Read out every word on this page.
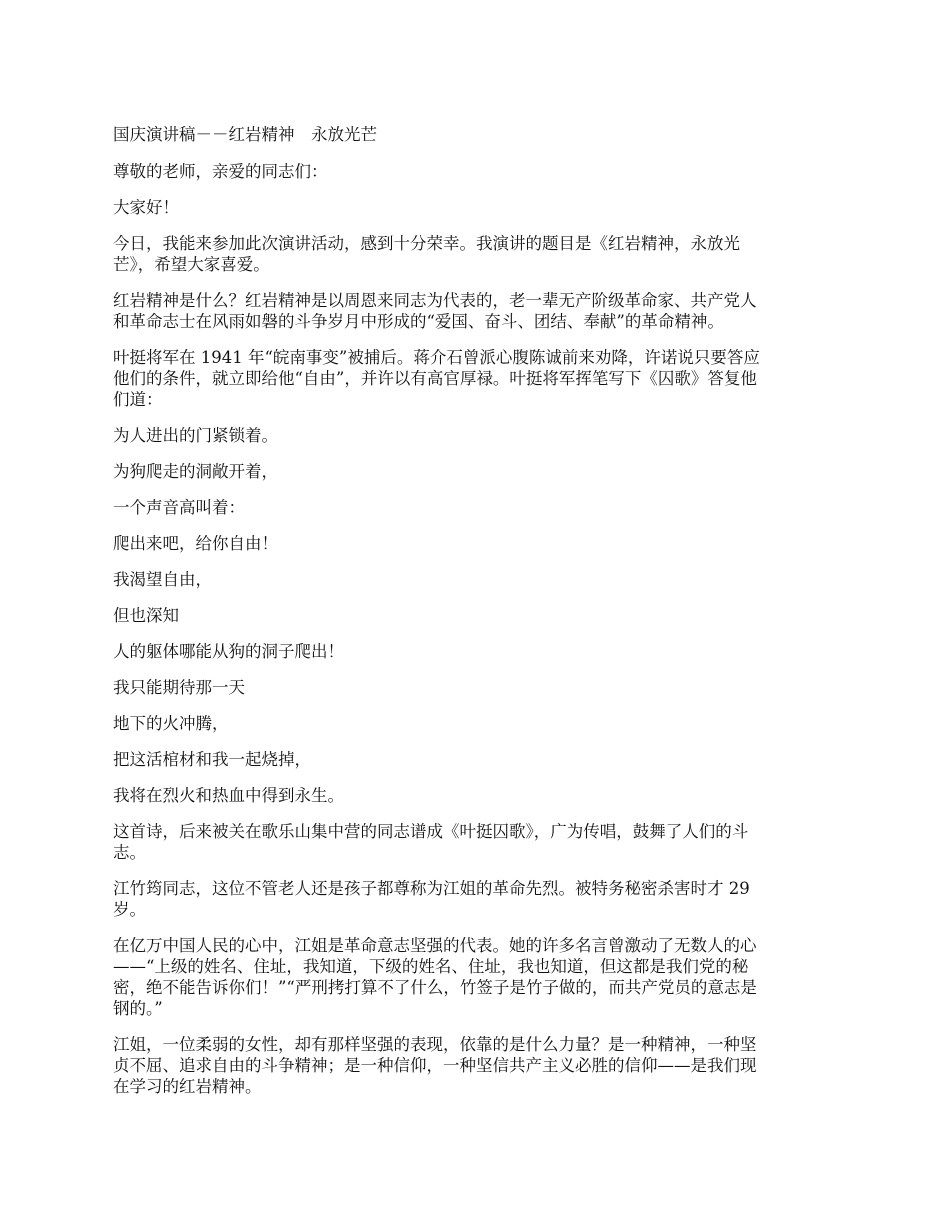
国庆演讲稿－－红岩精神　永放光芒

尊敬的老师，亲爱的同志们：

大家好！

今日，我能来参加此次演讲活动，感到十分荣幸。我演讲的题目是《红岩精神，永放光
芒》，希望大家喜爱。

红岩精神是什么？红岩精神是以周恩来同志为代表的，老一辈无产阶级革命家、共产党人
和革命志士在风雨如磐的斗争岁月中形成的“爱国、奋斗、团结、奉献”的革命精神。

叶挺将军在 1941 年“皖南事变”被捕后。蒋介石曾派心腹陈诚前来劝降，许诺说只要答应
他们的条件，就立即给他“自由”，并许以有高官厚禄。叶挺将军挥笔写下《囚歌》答复他
们道：

为人进出的门紧锁着。

为狗爬走的洞敞开着，

一个声音高叫着：

爬出来吧，给你自由！

我渴望自由，

但也深知

人的躯体哪能从狗的洞子爬出！

我只能期待那一天

地下的火冲腾，

把这活棺材和我一起烧掉，

我将在烈火和热血中得到永生。

这首诗，后来被关在歌乐山集中营的同志谱成《叶挺囚歌》，广为传唱，鼓舞了人们的斗
志。

江竹筠同志，这位不管老人还是孩子都尊称为江姐的革命先烈。被特务秘密杀害时才 29
岁。

在亿万中国人民的心中，江姐是革命意志坚强的代表。她的许多名言曾激动了无数人的心
——“上级的姓名、住址，我知道，下级的姓名、住址，我也知道，但这都是我们党的秘
密，绝不能告诉你们！”“严刑拷打算不了什么，竹签子是竹子做的，而共产党员的意志是
钢的。”

江姐，一位柔弱的女性，却有那样坚强的表现，依靠的是什么力量？是一种精神，一种坚
贞不屈、追求自由的斗争精神；是一种信仰，一种坚信共产主义必胜的信仰——是我们现
在学习的红岩精神。
